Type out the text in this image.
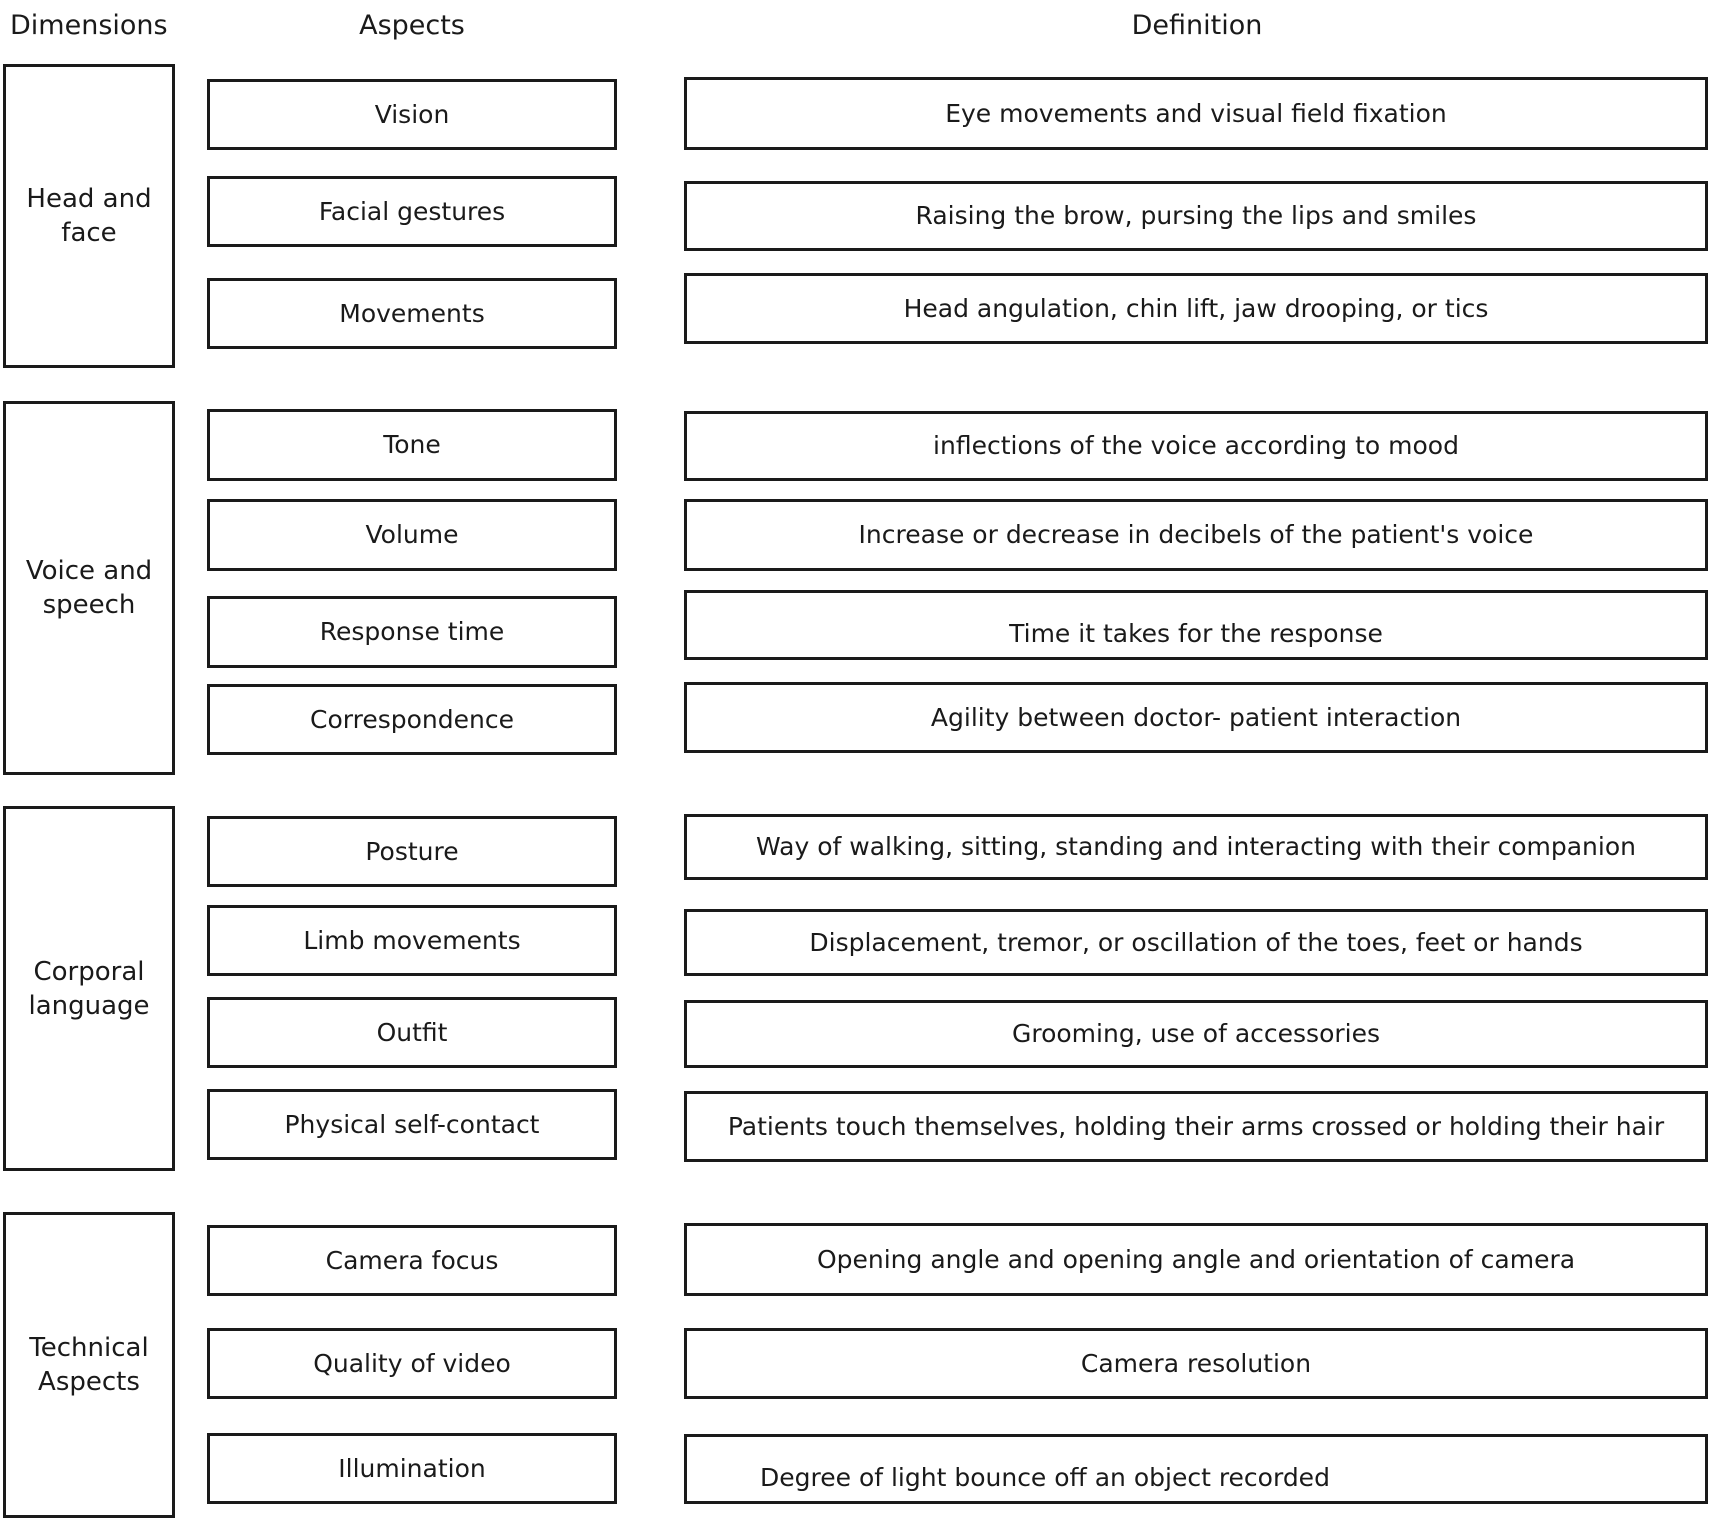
Dimensions	Aspects	Definition
Head and
face
Vision	Eye movements and visual field fixation
Facial gestures	Raising the brow, pursing the lips and smiles
Movements	Head angulation, chin lift, jaw drooping, or tics
Voice and
speech
Tone	inflections of the voice according to mood
Volume	Increase or decrease in decibels of the patient's voice
Response time	Time it takes for the response
Correspondence	Agility between doctor- patient interaction
Corporal
language
Posture	Way of walking, sitting, standing and interacting with their companion
Limb movements	Displacement, tremor, or oscillation of the toes, feet or hands
Outfit	Grooming, use of accessories
Physical self-contact	Patients touch themselves, holding their arms crossed or holding their hair
Technical
Aspects
Camera focus	Opening angle and opening angle and orientation of camera
Quality of video	Camera resolution
Illumination	Degree of light bounce off an object recorded
